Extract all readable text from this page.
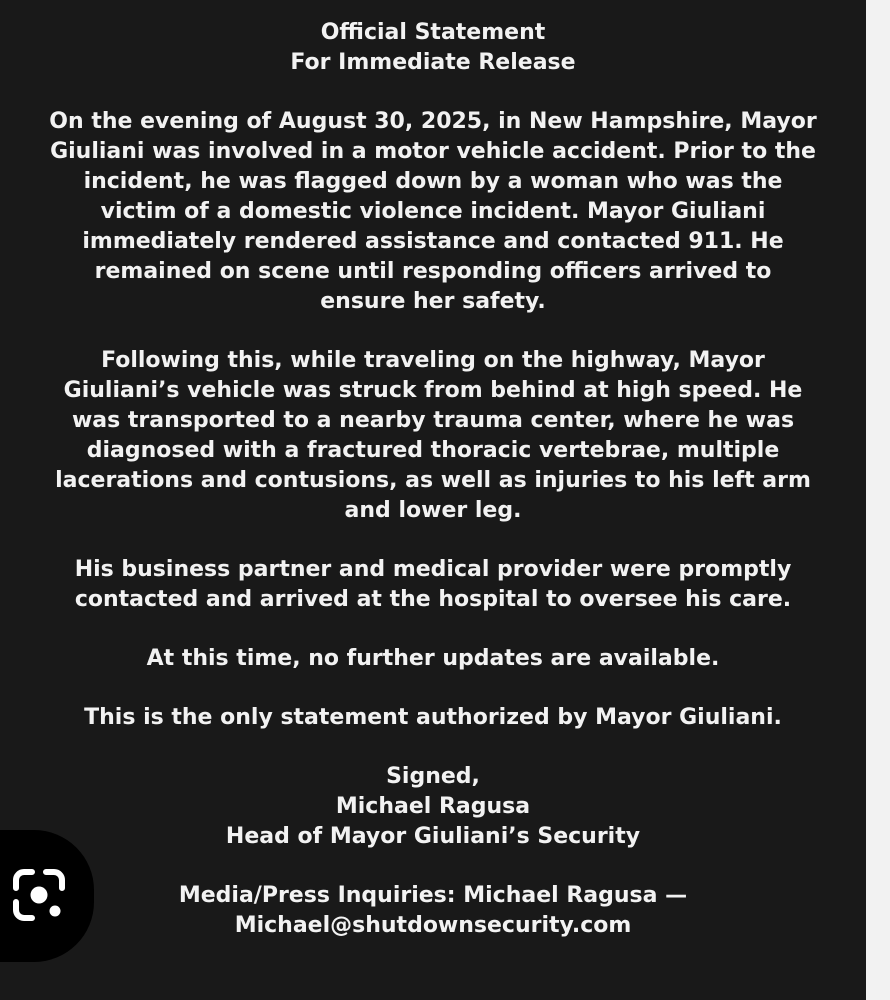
Official Statement
For Immediate Release
On the evening of August 30, 2025, in New Hampshire, Mayor
Giuliani was involved in a motor vehicle accident. Prior to the
incident, he was flagged down by a woman who was the
victim of a domestic violence incident. Mayor Giuliani
immediately rendered assistance and contacted 911. He
remained on scene until responding officers arrived to
ensure her safety.
Following this, while traveling on the highway, Mayor
Giuliani’s vehicle was struck from behind at high speed. He
was transported to a nearby trauma center, where he was
diagnosed with a fractured thoracic vertebrae, multiple
lacerations and contusions, as well as injuries to his left arm
and lower leg.
His business partner and medical provider were promptly
contacted and arrived at the hospital to oversee his care.
At this time, no further updates are available.
This is the only statement authorized by Mayor Giuliani.
Signed,
Michael Ragusa
Head of Mayor Giuliani’s Security
Media/Press Inquiries: Michael Ragusa —
Michael@shutdownsecurity.com
